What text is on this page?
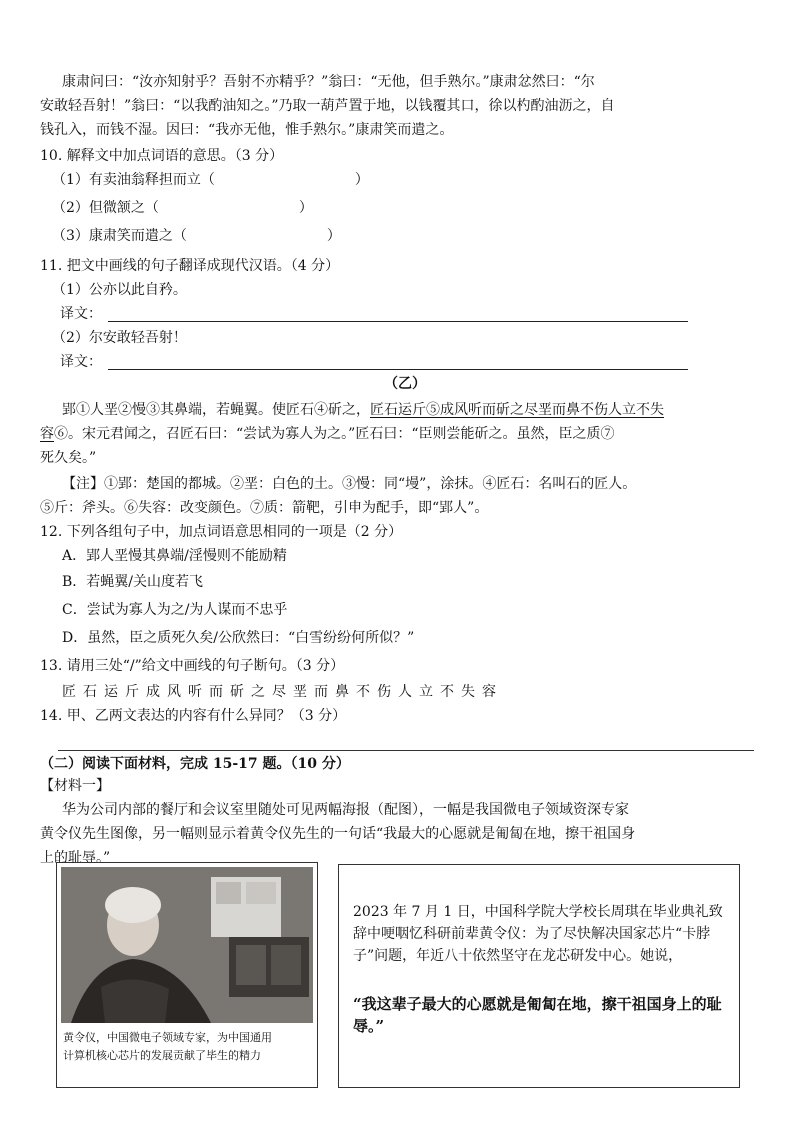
康肃问曰：“汝亦知射乎？吾射不亦精乎？”翁曰：“无他，但手熟尔。”康肃忿然曰：“尔
安敢轻吾射！”翁曰：“以我酌油知之。”乃取一葫芦置于地，以钱覆其口，徐以杓酌油沥之，自
钱孔入，而钱不湿。因曰：“我亦无他，惟手熟尔。”康肃笑而遣之。
10. 解释文中加点词语的意思。（3 分）
（1）有卖油翁释担而立（	）
（2）但微颔之（	）
（3）康肃笑而遣之（	）
11. 把文中画线的句子翻译成现代汉语。（4 分）
（1）公亦以此自矜。
译文：
（2）尔安敢轻吾射！
译文：
（乙）
郢①人垩②慢③其鼻端，若蝇翼。使匠石④斫之，匠石运斤⑤成风听而斫之尽垩而鼻不伤人立不失
容⑥。宋元君闻之，召匠石曰：“尝试为寡人为之。”匠石曰：“臣则尝能斫之。虽然，臣之质⑦
死久矣。”
【注】①郢：楚国的都城。②垩：白色的土。③慢：同“墁”，涂抹。④匠石：名叫石的匠人。
⑤斤：斧头。⑥失容：改变颜色。⑦质：箭靶，引申为配手，即“郢人”。
12. 下列各组句子中，加点词语意思相同的一项是（2 分）
A．郢人垩慢其鼻端/淫慢则不能励精
B．若蝇翼/关山度若飞
C．尝试为寡人为之/为人谋而不忠乎
D．虽然，臣之质死久矣/公欣然曰：“白雪纷纷何所似？”
13. 请用三处“/”给文中画线的句子断句。（3 分）
匠石运斤成风听而斫之尽垩而鼻不伤人立不失容
14. 甲、乙两文表达的内容有什么异同？（3 分）
（二）阅读下面材料，完成 15-17 题。（10 分）
【材料一】
华为公司内部的餐厅和会议室里随处可见两幅海报（配图），一幅是我国微电子领域资深专家
黄令仪先生图像，另一幅则显示着黄令仪先生的一句话“我最大的心愿就是匍匐在地，擦干祖国身
上的耻辱。”
黄令仪，中国微电子领域专家，为中国通用
计算机核心芯片的发展贡献了毕生的精力
2023 年 7 月 1 日，中国科学院大学校长周琪在毕业典礼致辞中哽咽忆科研前辈黄令仪：为了尽快解决国家芯片“卡脖子”问题，年近八十依然坚守在龙芯研发中心。她说，
“我这辈子最大的心愿就是匍匐在地，擦干祖国身上的耻辱。”
